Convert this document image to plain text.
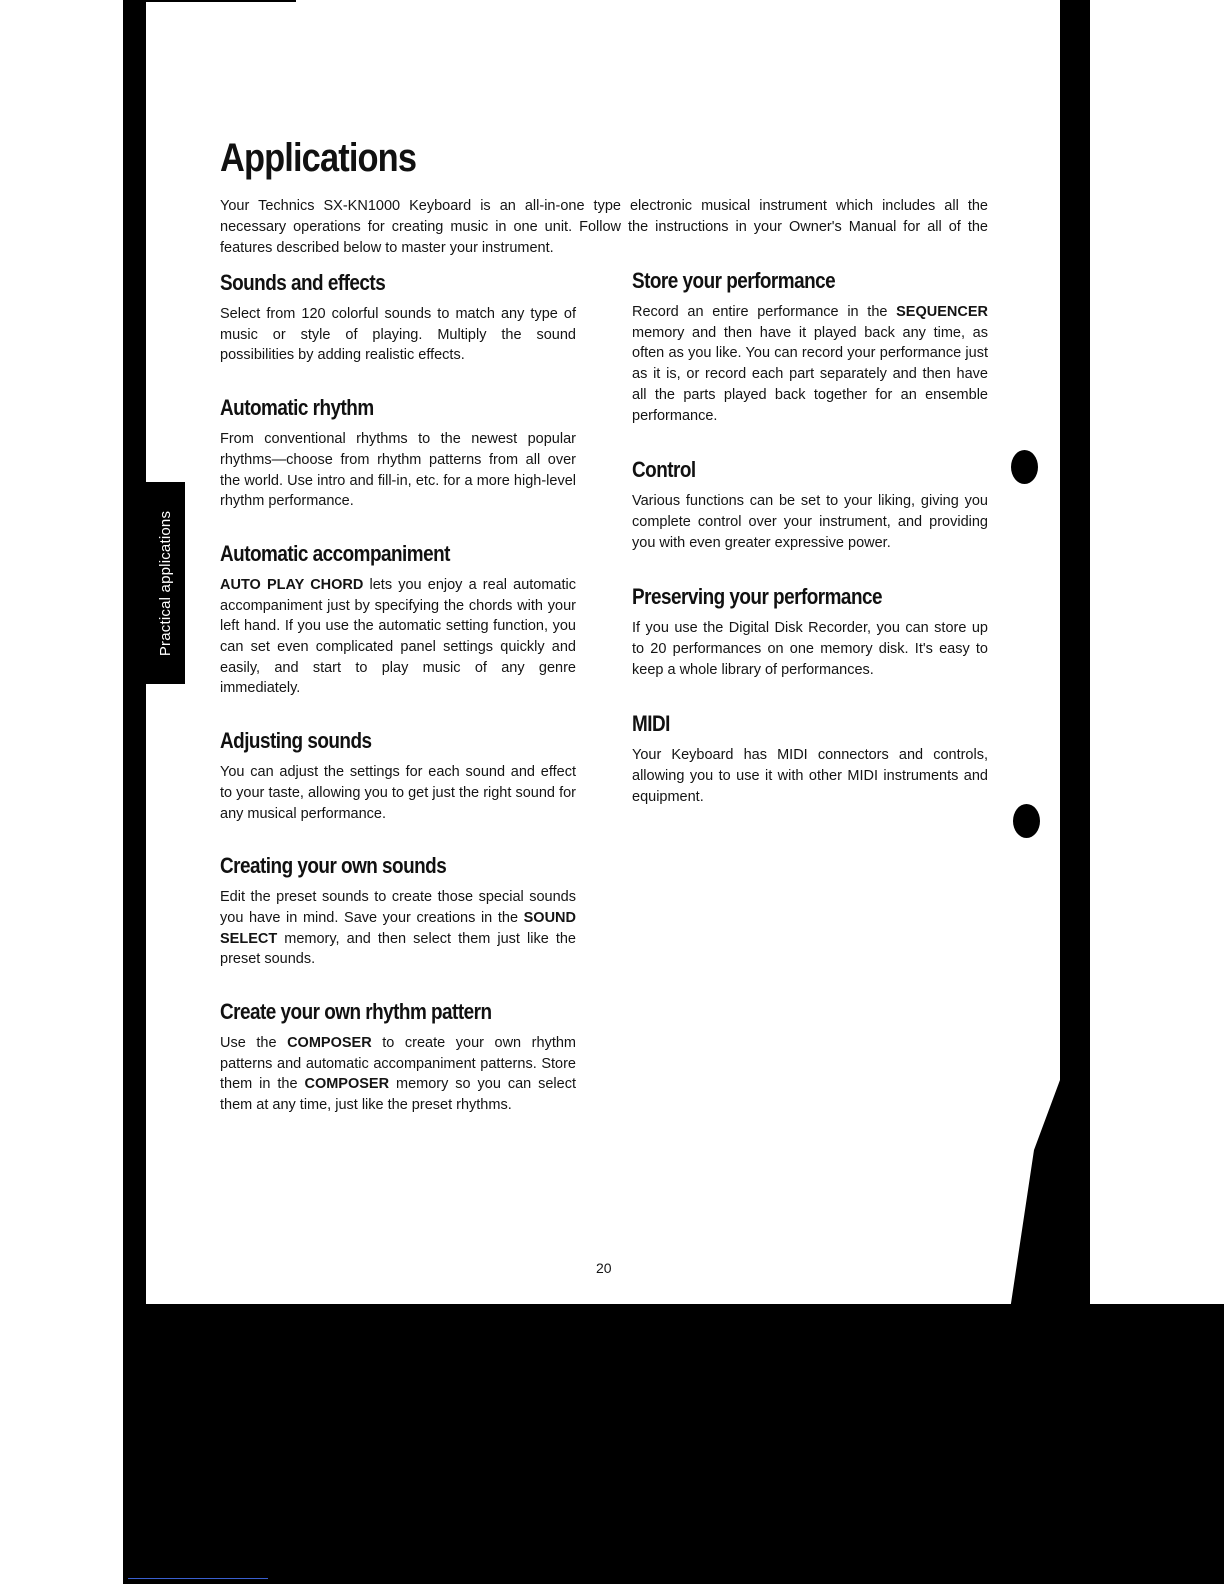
Practical applications
Applications

Your Technics SX-KN1000 Keyboard is an all-in-one type electronic musical instrument which includes all the necessary operations for creating music in one unit. Follow the instructions in your Owner's Manual for all of the features described below to master your instrument.

Sounds and effects

Select from 120 colorful sounds to match any type of music or style of playing. Multiply the sound possibilities by adding realistic effects.

Automatic rhythm

From conventional rhythms to the newest popular rhythms—choose from rhythm patterns from all over the world. Use intro and fill-in, etc. for a more high-level rhythm performance.

Automatic accompaniment

AUTO PLAY CHORD lets you enjoy a real automatic accompaniment just by specifying the chords with your left hand. If you use the automatic setting function, you can set even complicated panel settings quickly and easily, and start to play music of any genre immediately.

Adjusting sounds

You can adjust the settings for each sound and effect to your taste, allowing you to get just the right sound for any musical performance.

Creating your own sounds

Edit the preset sounds to create those special sounds you have in mind. Save your creations in the SOUND SELECT memory, and then select them just like the preset sounds.

Create your own rhythm pattern

Use the COMPOSER to create your own rhythm patterns and automatic accompaniment patterns. Store them in the COMPOSER memory so you can select them at any time, just like the preset rhythms.

Store your performance

Record an entire performance in the SEQUENCER memory and then have it played back any time, as often as you like. You can record your performance just as it is, or record each part separately and then have all the parts played back together for an ensemble performance.

Control

Various functions can be set to your liking, giving you complete control over your instrument, and providing you with even greater expressive power.

Preserving your performance

If you use the Digital Disk Recorder, you can store up to 20 performances on one memory disk. It's easy to keep a whole library of performances.

MIDI

Your Keyboard has MIDI connectors and controls, allowing you to use it with other MIDI instruments and equipment.

20
